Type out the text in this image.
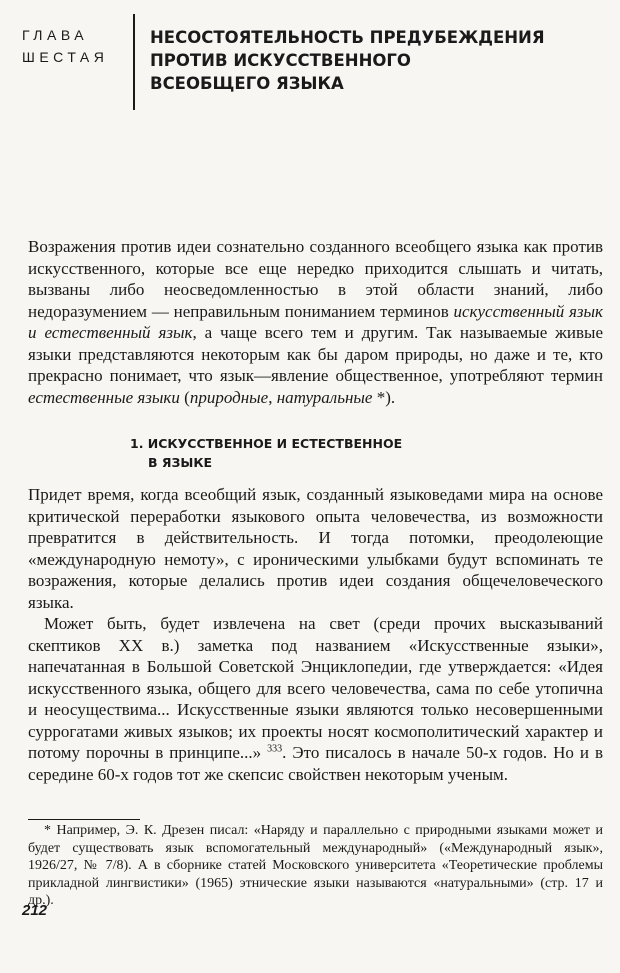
ГЛАВА
ШЕСТАЯ
НЕСОСТОЯТЕЛЬНОСТЬ ПРЕДУБЕЖДЕНИЯ
ПРОТИВ ИСКУССТВЕННОГО
ВСЕОБЩЕГО ЯЗЫКА

Возражения против идеи сознательно созданного всеобщего языка как против искусственного, которые все еще нередко приходится слышать и читать, вызваны либо неосведомленностью в этой области знаний, либо недоразумением — неправильным пониманием терминов искусственный язык и естественный язык, а чаще всего тем и другим. Так называемые живые языки представляются некоторым как бы даром природы, но даже и те, кто прекрасно понимает, что язык—явление общественное, употребляют термин естественные языки (природные, натуральные *).

1. ИСКУССТВЕННОЕ И ЕСТЕСТВЕННОЕ
В ЯЗЫКЕ

Придет время, когда всеобщий язык, созданный языковедами мира на основе критической переработки языкового опыта человечества, из возможности превратится в действительность. И тогда потомки, преодолеющие «международную немоту», с ироническими улыбками будут вспоминать те возражения, которые делались против идеи создания общечеловеческого языка.

Может быть, будет извлечена на свет (среди прочих высказываний скептиков XX в.) заметка под названием «Искусственные языки», напечатанная в Большой Советской Энциклопедии, где утверждается: «Идея искусственного языка, общего для всего человечества, сама по себе утопична и неосуществима... Искусственные языки являются только несовершенными суррогатами живых языков; их проекты носят космополитический характер и потому порочны в принципе...» $^{333}$. Это писалось в начале 50-х годов. Но и в середине 60-х годов тот же скепсис свойствен некоторым ученым.

* Например, Э. К. Дрезен писал: «Наряду и параллельно с природными языками может и будет существовать язык вспомогательный международный» («Международный язык», 1926/27, № 7/8). А в сборнике статей Московского университета «Теоретические проблемы прикладной лингвистики» (1965) этнические языки называются «натуральными» (стр. 17 и др.).
212
